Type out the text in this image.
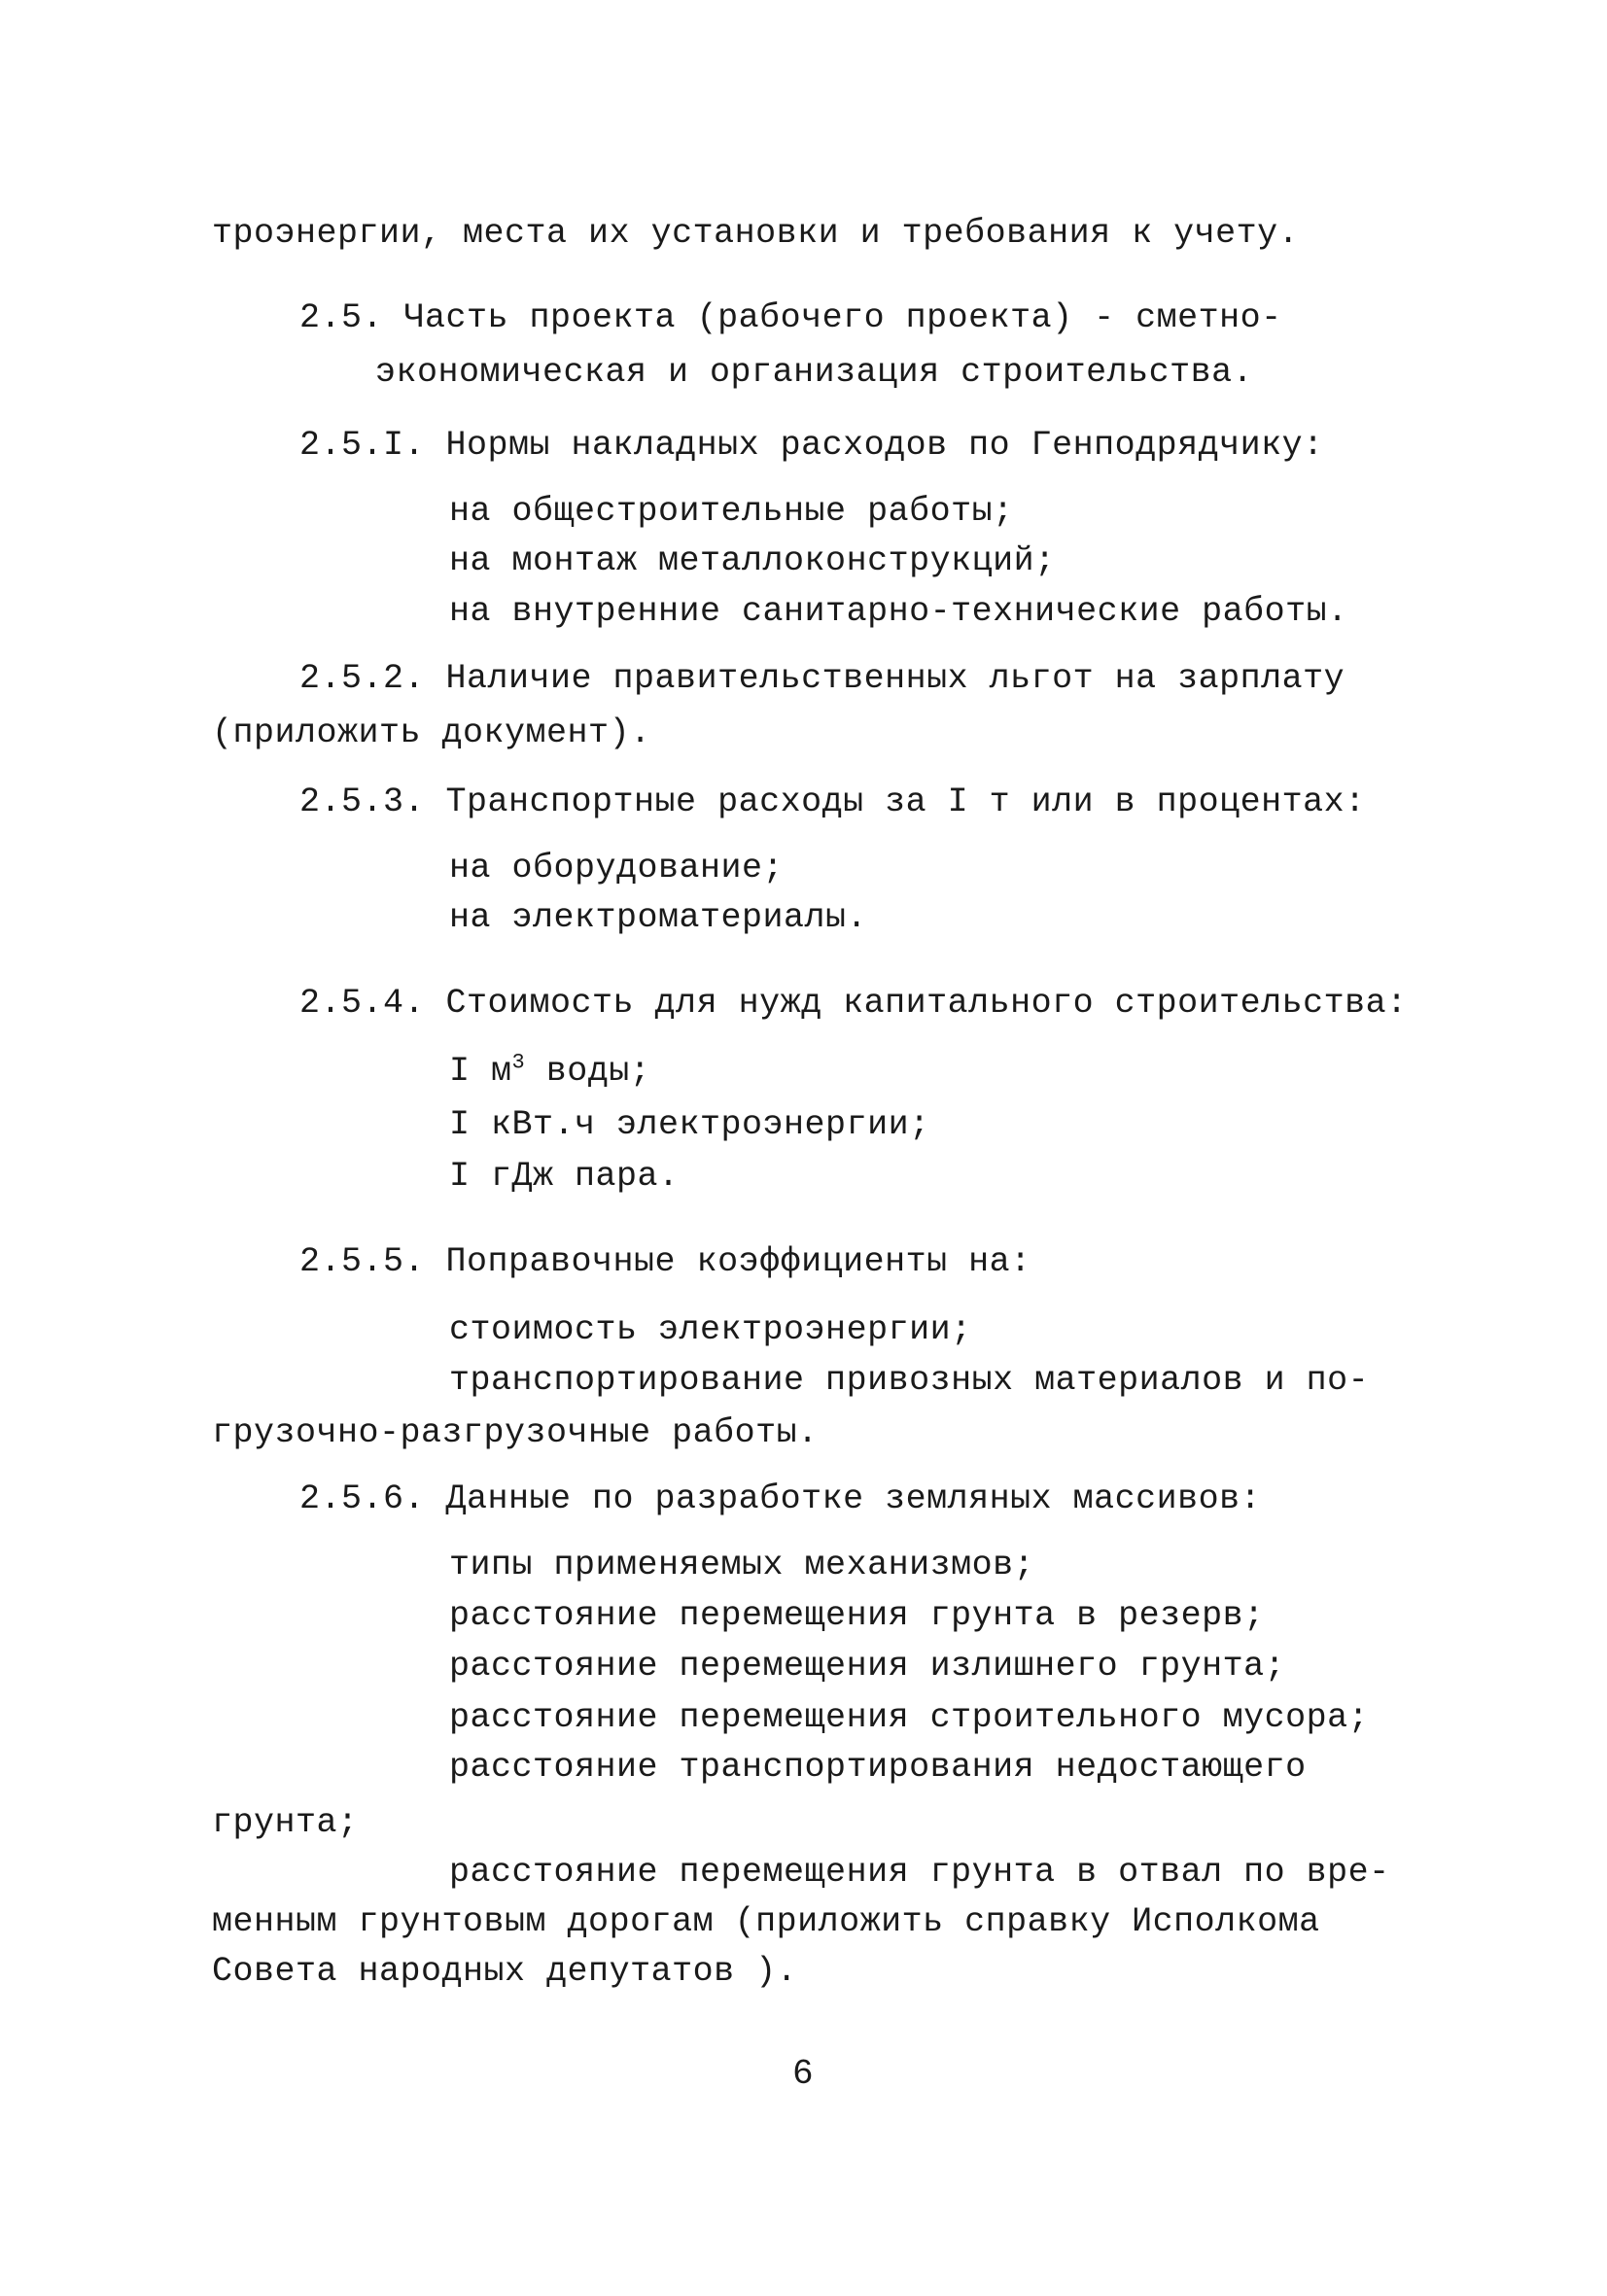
троэнергии, места их установки и требования к учету.
2.5. Часть проекта (рабочего проекта) - сметно-
экономическая и организация строительства.
2.5.I. Нормы накладных расходов по Генподрядчику:
на общестроительные работы;
на монтаж металлоконструкций;
на внутренние санитарно-технические работы.
2.5.2. Наличие правительственных льгот на зарплату
(приложить документ).
2.5.3. Транспортные расходы за I т или в процентах:
на оборудование;
на электроматериалы.
2.5.4. Стоимость для нужд капитального строительства:
I $м^3$ воды;
I кВт.ч электроэнергии;
I гДж пара.
2.5.5. Поправочные коэффициенты на:
стоимость электроэнергии;
транспортирование привозных материалов и по-
грузочно-разгрузочные работы.
2.5.6. Данные по разработке земляных массивов:
типы применяемых механизмов;
расстояние перемещения грунта в резерв;
расстояние перемещения излишнего грунта;
расстояние перемещения строительного мусора;
расстояние транспортирования недостающего
грунта;
расстояние перемещения грунта в отвал по вре-
менным грунтовым дорогам (приложить справку Исполкома
Совета народных депутатов ).
6
